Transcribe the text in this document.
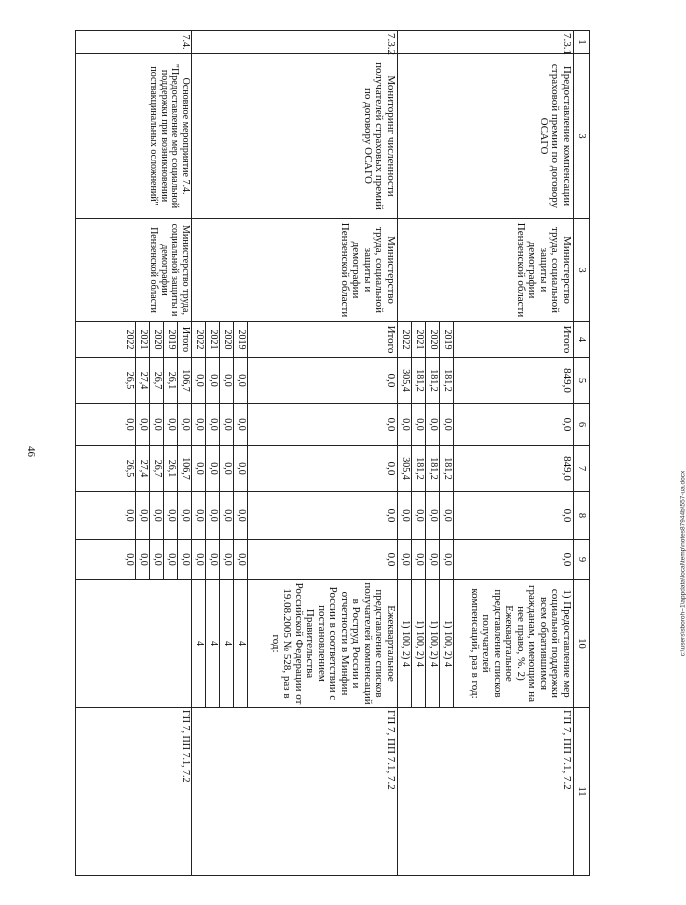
46
1	3	3	4	5	6	7	8	9	10	11
7.3.1	Предоставление компенсации страховой премии по договору ОСАГО	Министерство труда, социальной защиты и демографии Пензенской области	Итого	849,0	0,0	849,0	0,0	0,0	1) Предоставление мер социальной поддержки всем обратившимся гражданам, имеющим на нее право, %. 2) Ежеквартальное представление списков получателей компенсаций, раз в год:	ГП 7, ПП 7.1, 7.2
			2019	181,2	0,0	181,2	0,0	0,0	1) 100, 2) 4	
			2020	181,2	0,0	181,2	0,0	0,0	1) 100, 2) 4	
			2021	181,2	0,0	181,2	0,0	0,0	1) 100, 2) 4	
			2022	305,4	0,0	305,4	0,0	0,0	1) 100, 2) 4	
7.3.2	Мониторинг численности получателей страховых премий по договору ОСАГО	Министерство труда, социальной защиты и демографии Пензенской области	Итого	0,0	0,0	0,0	0,0	0,0	Ежеквартальное представление списков получателей компенсаций в Роструд России и отчетности в Минфин России в соответствии с постановлением Правительства Российской Федерации от 19.08.2005 № 528, раз в год:	ГП 7, ПП 7.1, 7.2
			2019	0,0	0,0	0,0	0,0	0,0	4	
			2020	0,0	0,0	0,0	0,0	0,0	4	
			2021	0,0	0,0	0,0	0,0	0,0	4	
			2022	0,0	0,0	0,0	0,0	0,0	4	
7.4.	Основное мероприятие 7.4. "Предоставление мер социальной поддержки при возникновении поствакцинальных осложнений"	Министерство труда, социальной защиты и демографии Пензенской области	Итого	106,7	0,0	106,7	0,0	0,0		ГП 7, ПП 7.1, 7.2
			2019	26,1	0,0	26,1	0,0	0,0		
			2020	26,7	0,0	26,7	0,0	0,0		
			2021	27,4	0,0	27,4	0,0	0,0		
			2022	26,5	0,0	26,5	0,0	0,0			c:\users\sboroh~1\appdata\local\temp\notes87944b\557-ua.docx
